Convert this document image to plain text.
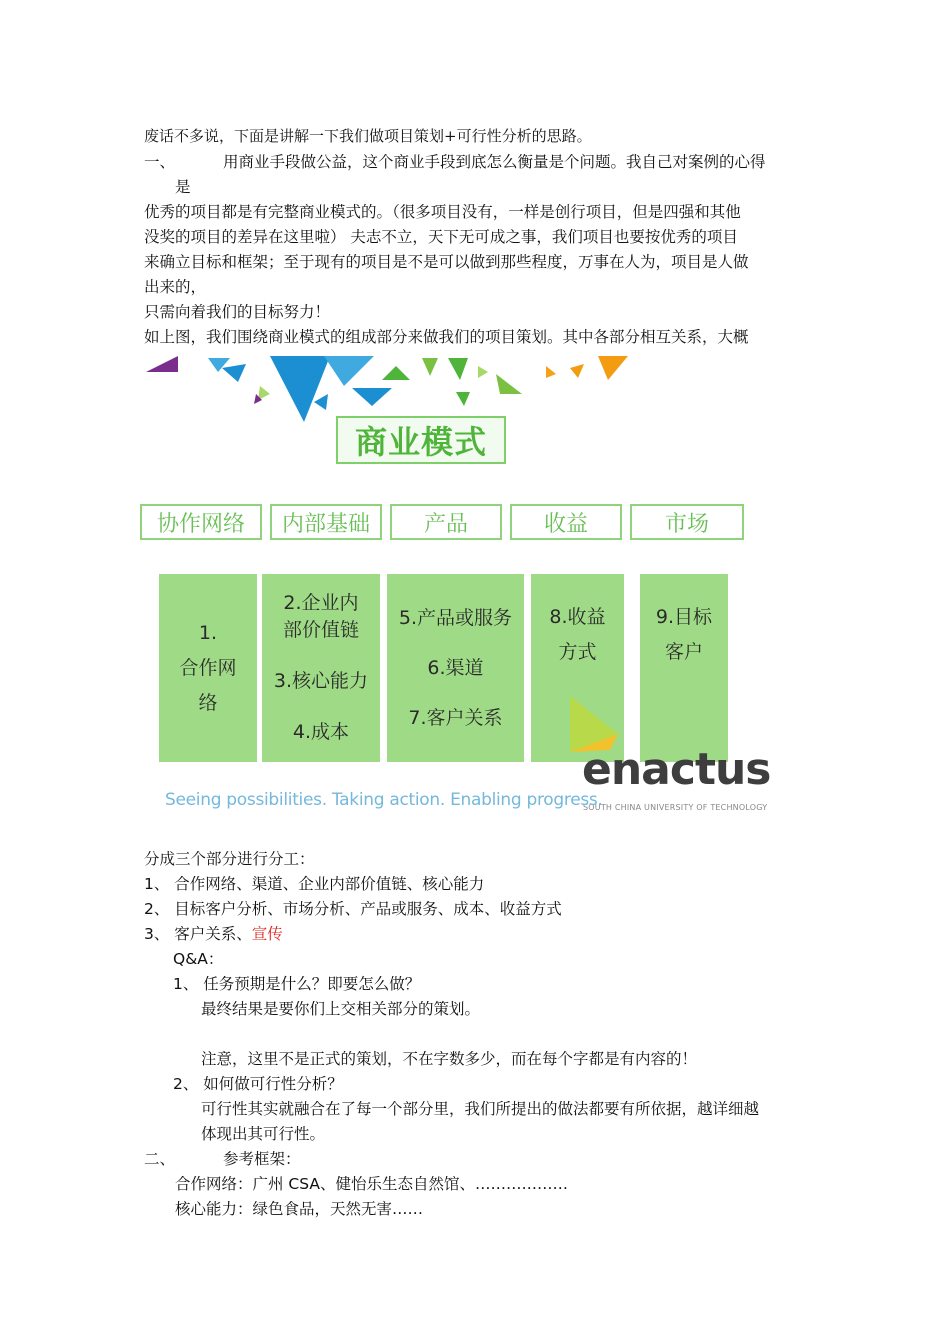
废话不多说，下面是讲解一下我们做项目策划+可行性分析的思路。
一、	用商业手段做公益，这个商业手段到底怎么衡量是个问题。我自己对案例的心得
是
优秀的项目都是有完整商业模式的。（很多项目没有，一样是创行项目，但是四强和其他
没奖的项目的差异在这里啦） 夫志不立，天下无可成之事，我们项目也要按优秀的项目
来确立目标和框架；至于现有的项目是不是可以做到那些程度，万事在人为，项目是人做
出来的，
只需向着我们的目标努力！
如上图，我们围绕商业模式的组成部分来做我们的项目策划。其中各部分相互关系，大概
商业模式
协作网络	内部基础	产品	收益	市场
1.
合作网
络
2.企业内
部价值链
3.核心能力
4.成本
5.产品或服务
6.渠道
7.客户关系
8.收益
方式
9.目标
客户
enactus
SOUTH CHINA UNIVERSITY OF TECHNOLOGY
Seeing possibilities. Taking action. Enabling progress.
分成三个部分进行分工：
1、 合作网络、渠道、企业内部价值链、核心能力
2、 目标客户分析、市场分析、产品或服务、成本、收益方式
3、 客户关系、宣传
Q&A：
1、 任务预期是什么？即要怎么做？
最终结果是要你们上交相关部分的策划。
注意，这里不是正式的策划，不在字数多少，而在每个字都是有内容的！
2、 如何做可行性分析？
可行性其实就融合在了每一个部分里，我们所提出的做法都要有所依据，越详细越
体现出其可行性。
二、	参考框架：
合作网络：广州 CSA、健怡乐生态自然馆、………………
核心能力：绿色食品，天然无害……
